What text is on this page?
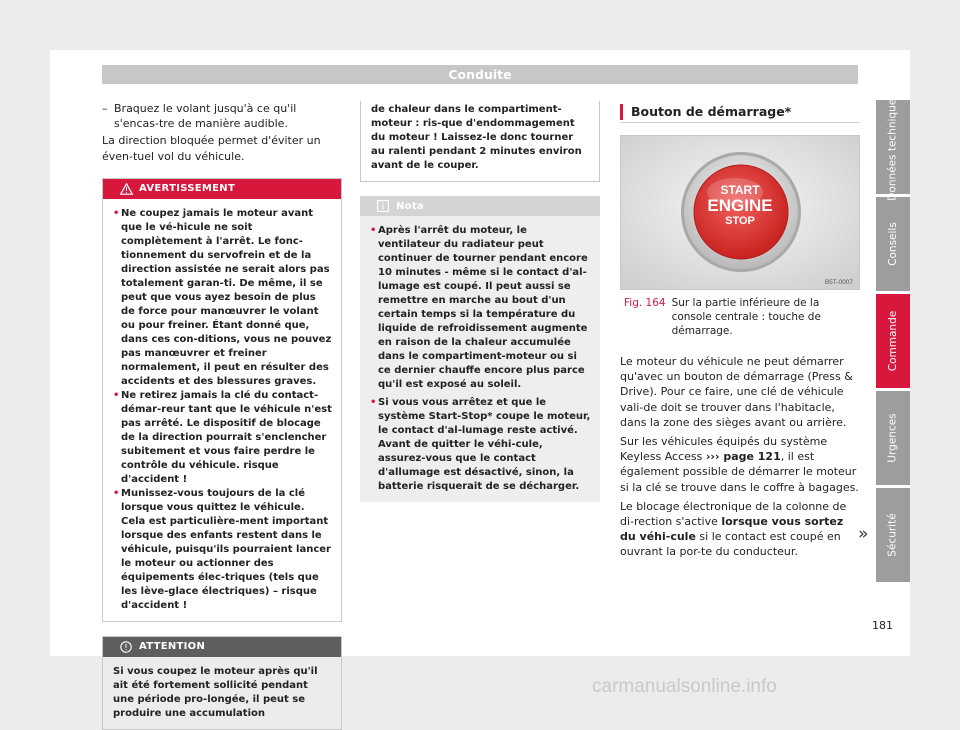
Conduite
– Braquez le volant jusqu'à ce qu'il s'encas-tre de manière audible.
La direction bloquée permet d'éviter un éven-tuel vol du véhicule.
AVERTISSEMENT
• Ne coupez jamais le moteur avant que le vé-hicule ne soit complètement à l'arrêt. Le fonc-tionnement du servofrein et de la direction assistée ne serait alors pas totalement garan-ti. De même, il se peut que vous ayez besoin de plus de force pour manœuvrer le volant ou pour freiner. Étant donné que, dans ces con-ditions, vous ne pouvez pas manœuvrer et freiner normalement, il peut en résulter des accidents et des blessures graves.
• Ne retirez jamais la clé du contact-démar-reur tant que le véhicule n'est pas arrêté. Le dispositif de blocage de la direction pourrait s'enclencher subitement et vous faire perdre le contrôle du véhicule. risque d'accident !
• Munissez-vous toujours de la clé lorsque vous quittez le véhicule. Cela est particulière-ment important lorsque des enfants restent dans le véhicule, puisqu'ils pourraient lancer le moteur ou actionner des équipements élec-triques (tels que les lève-glace électriques) – risque d'accident !
ATTENTION
Si vous coupez le moteur après qu'il ait été fortement sollicité pendant une période pro-longée, il peut se produire une accumulation
de chaleur dans le compartiment-moteur : ris-que d'endommagement du moteur ! Laissez-le donc tourner au ralenti pendant 2 minutes environ avant de le couper.
Nota
• Après l'arrêt du moteur, le ventilateur du radiateur peut continuer de tourner pendant encore 10 minutes - même si le contact d'al-lumage est coupé. Il peut aussi se remettre en marche au bout d'un certain temps si la température du liquide de refroidissement augmente en raison de la chaleur accumulée dans le compartiment-moteur ou si ce dernier chauffe encore plus parce qu'il est exposé au soleil.
• Si vous vous arrêtez et que le système Start-Stop* coupe le moteur, le contact d'al-lumage reste activé. Avant de quitter le véhi-cule, assurez-vous que le contact d'allumage est désactivé, sinon, la batterie risquerait de se décharger.
Bouton de démarrage*
START
ENGINE
STOP
B5T-0007
Fig. 164 Sur la partie inférieure de la console centrale : touche de démarrage.
Le moteur du véhicule ne peut démarrer qu'avec un bouton de démarrage (Press & Drive). Pour ce faire, une clé de véhicule vali-de doit se trouver dans l'habitacle, dans la zone des sièges avant ou arrière.
Sur les véhicules équipés du système Keyless Access ››› page 121, il est également possible de démarrer le moteur si la clé se trouve dans le coffre à bagages.
Le blocage électronique de la colonne de di-rection s'active lorsque vous sortez du véhi-cule si le contact est coupé en ouvrant la por-te du conducteur.
Données techniques
Conseils
Commande
Urgences
Sécurité
»
181
carmanualsonline.info
